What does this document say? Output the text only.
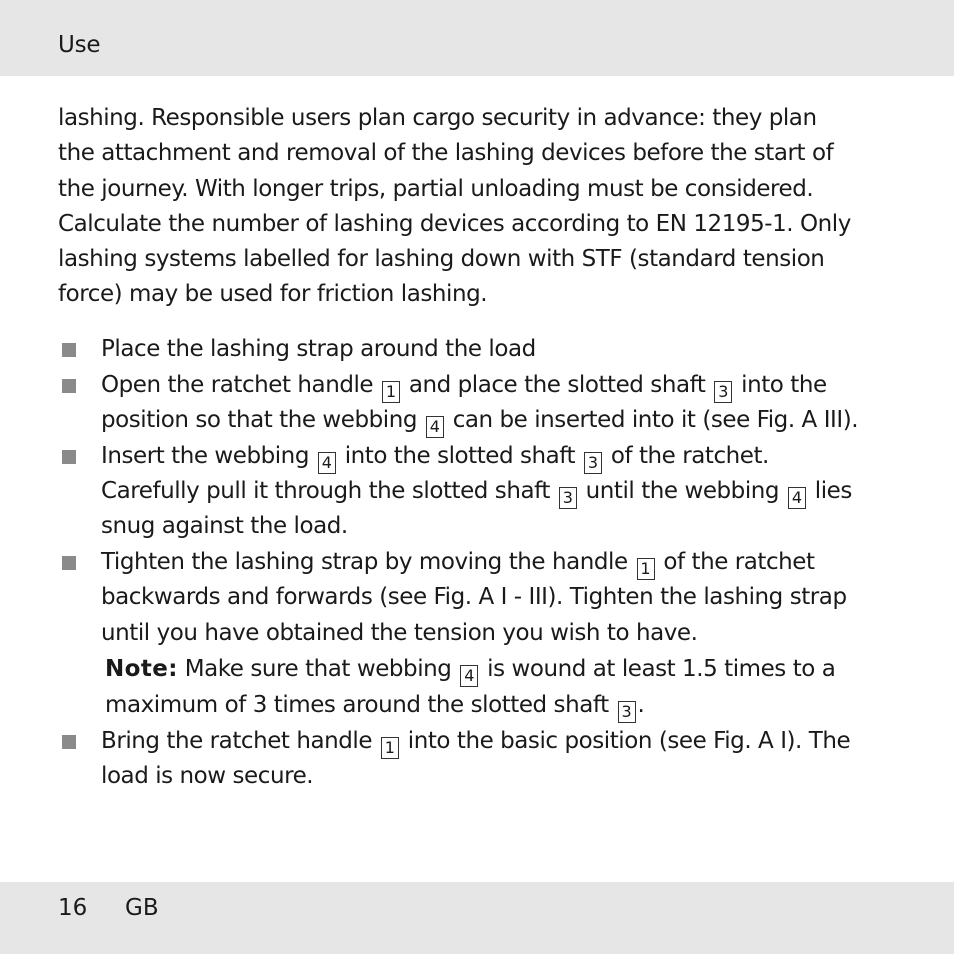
Use

lashing. Responsible users plan cargo security in advance: they plan
the attachment and removal of the lashing devices before the start of
the journey. With longer trips, partial unloading must be considered.
Calculate the number of lashing devices according to EN 12195-1. Only
lashing systems labelled for lashing down with STF (standard tension
force) may be used for friction lashing.

Place the lashing strap around the load
Open the ratchet handle 1 and place the slotted shaft 3 into the
position so that the webbing 4 can be inserted into it (see Fig. A III).
Insert the webbing 4 into the slotted shaft 3 of the ratchet.
Carefully pull it through the slotted shaft 3 until the webbing 4 lies
snug against the load.
Tighten the lashing strap by moving the handle 1 of the ratchet
backwards and forwards (see Fig. A I - III). Tighten the lashing strap
until you have obtained the tension you wish to have.
Note: Make sure that webbing 4 is wound at least 1.5 times to a
maximum of 3 times around the slotted shaft 3 .
Bring the ratchet handle 1 into the basic position (see Fig. A I). The
load is now secure.
16 GB
